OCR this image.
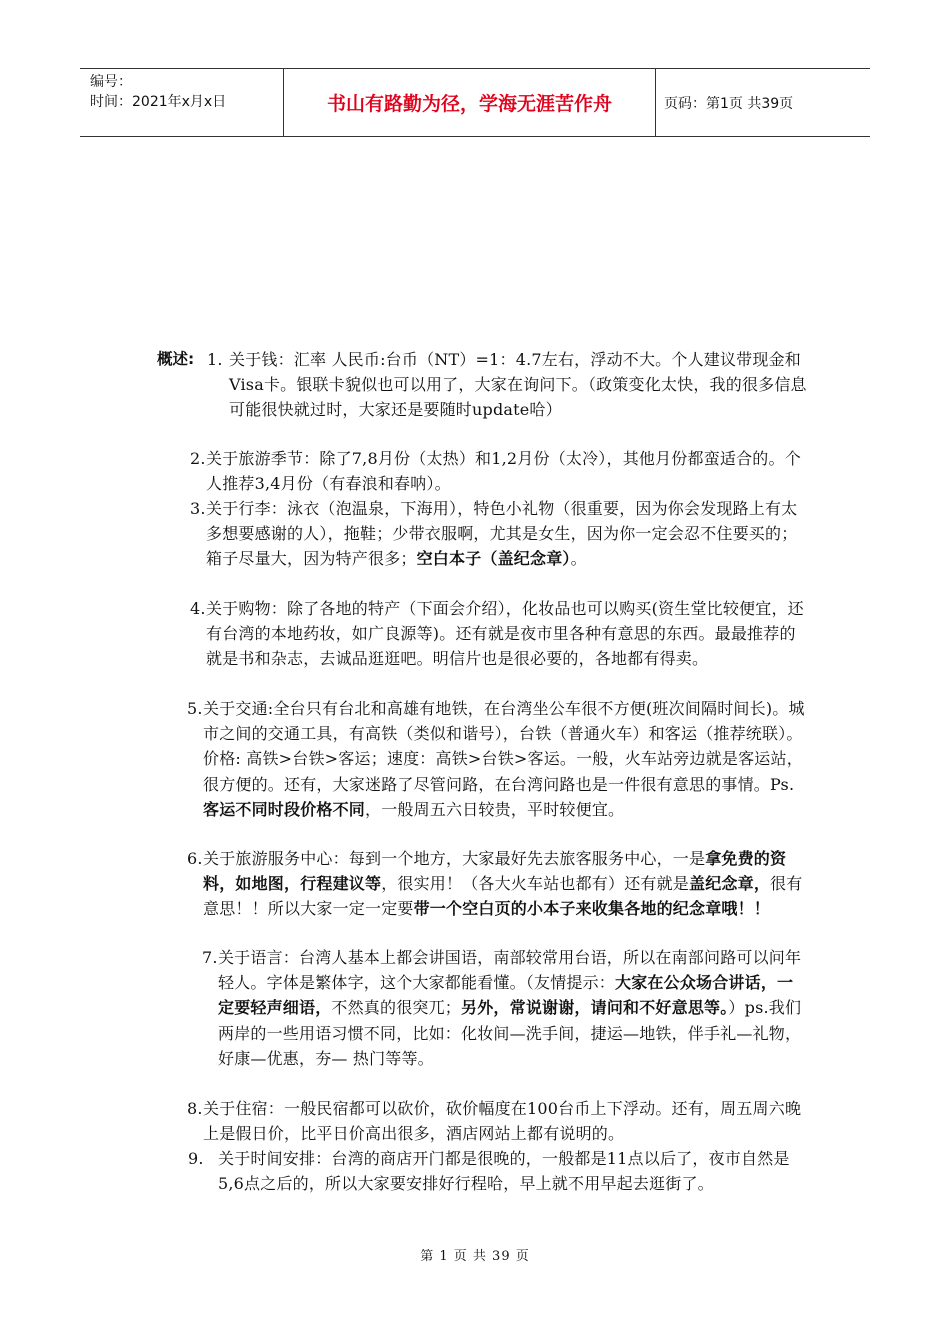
编号：
时间：2021年x月x日	书山有路勤为径，学海无涯苦作舟	页码：第1页 共39页
概述: 1. 关于钱：汇率 人民币:台币（NT）=1：4.7左右，浮动不大。个人建议带现金和Visa卡。银联卡貌似也可以用了，大家在询问下。（政策变化太快，我的很多信息可能很快就过时，大家还是要随时update哈）

2. 关于旅游季节：除了7,8月份（太热）和1,2月份（太冷），其他月份都蛮适合的。个人推荐3,4月份（有春浪和春呐）。

3. 关于行李：泳衣（泡温泉，下海用），特色小礼物（很重要，因为你会发现路上有太多想要感谢的人），拖鞋；少带衣服啊，尤其是女生，因为你一定会忍不住要买的；箱子尽量大，因为特产很多；空白本子（盖纪念章）。

4. 关于购物：除了各地的特产（下面会介绍），化妆品也可以购买(资生堂比较便宜，还有台湾的本地药妆，如广良源等)。还有就是夜市里各种有意思的东西。最最推荐的就是书和杂志，去诚品逛逛吧。明信片也是很必要的，各地都有得卖。

5. 关于交通:全台只有台北和高雄有地铁，在台湾坐公车很不方便(班次间隔时间长)。城市之间的交通工具，有高铁（类似和谐号），台铁（普通火车）和客运（推荐统联）。价格: 高铁>台铁>客运；速度：高铁>台铁>客运。一般，火车站旁边就是客运站，很方便的。还有，大家迷路了尽管问路，在台湾问路也是一件很有意思的事情。Ps.客运不同时段价格不同，一般周五六日较贵，平时较便宜。

6. 关于旅游服务中心：每到一个地方，大家最好先去旅客服务中心，一是拿免费的资料，如地图，行程建议等，很实用！（各大火车站也都有）还有就是盖纪念章，很有意思！！所以大家一定一定要带一个空白页的小本子来收集各地的纪念章哦！！

7. 关于语言：台湾人基本上都会讲国语，南部较常用台语，所以在南部问路可以问年轻人。字体是繁体字，这个大家都能看懂。（友情提示：大家在公众场合讲话，一定要轻声细语，不然真的很突兀；另外，常说谢谢，请问和不好意思等。）ps.我们两岸的一些用语习惯不同，比如：化妆间—洗手间，捷运—地铁，伴手礼—礼物，好康—优惠，夯— 热门等等。

8. 关于住宿：一般民宿都可以砍价，砍价幅度在100台币上下浮动。还有，周五周六晚上是假日价，比平日价高出很多，酒店网站上都有说明的。

9. 关于时间安排：台湾的商店开门都是很晚的，一般都是11点以后了，夜市自然是5,6点之后的，所以大家要安排好行程哈，早上就不用早起去逛街了。

第 1 页 共 39 页
